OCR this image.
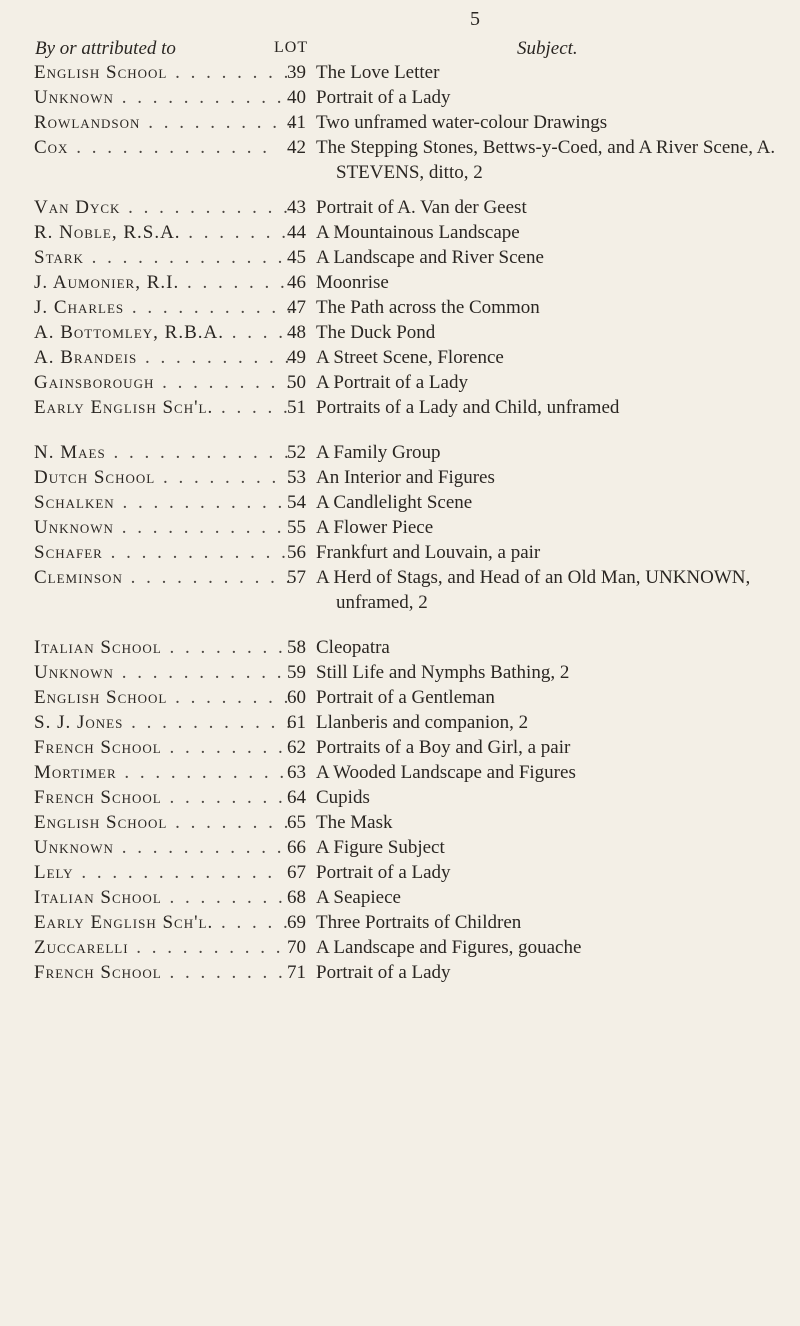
5
By or attributed to	LOT	Subject.
English School . .	39 The Love Letter
Unknown . .	40 Portrait of a Lady
Rowlandson . .	41 Two unframed water-colour Drawings
Cox . .	42 The Stepping Stones, Bettws-y-Coed, and A River Scene, A. STEVENS, ditto, 2
Van Dyck . .	43 Portrait of A. Van der Geest
R. Noble, R.S.A. . .	44 A Mountainous Landscape
Stark . .	45 A Landscape and River Scene
J. Aumonier, R.I. . .	46 Moonrise
J. Charles . .	47 The Path across the Common
A. Bottomley, R.B.A. . .	48 The Duck Pond
A. Brandeis . .	49 A Street Scene, Florence
Gainsborough . .	50 A Portrait of a Lady
Early English Sch'l. . .	51 Portraits of a Lady and Child, unframed
N. Maes . .	52 A Family Group
Dutch School . .	53 An Interior and Figures
Schalken . .	54 A Candlelight Scene
Unknown . .	55 A Flower Piece
Schafer . .	56 Frankfurt and Louvain, a pair
Cleminson . .	57 A Herd of Stags, and Head of an Old Man, UNKNOWN, unframed, 2
Italian School . .	58 Cleopatra
Unknown . .	59 Still Life and Nymphs Bathing, 2
English School . .	60 Portrait of a Gentleman
S. J. Jones . .	61 Llanberis and companion, 2
French School . .	62 Portraits of a Boy and Girl, a pair
Mortimer . .	63 A Wooded Landscape and Figures
French School . .	64 Cupids
English School . .	65 The Mask
Unknown . .	66 A Figure Subject
Lely . .	67 Portrait of a Lady
Italian School . .	68 A Seapiece
Early English Sch'l. . .	69 Three Portraits of Children
Zuccarelli . .	70 A Landscape and Figures, gouache
French School . .	71 Portrait of a Lady
